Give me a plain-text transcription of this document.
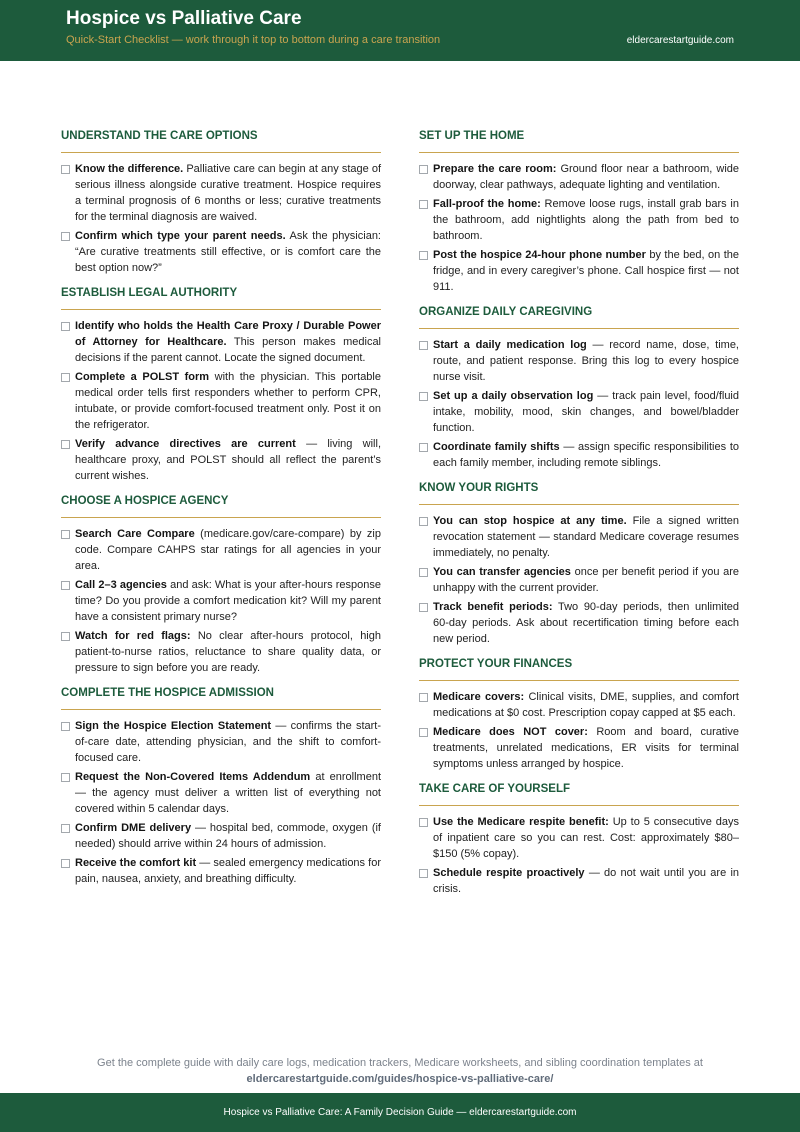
Hospice vs Palliative Care
Quick-Start Checklist — work through it top to bottom during a care transition	eldercarestartguide.com
UNDERSTAND THE CARE OPTIONS

Know the difference. Palliative care can begin at any stage of serious illness alongside curative treatment. Hospice requires a terminal prognosis of 6 months or less; curative treatments for the terminal diagnosis are waived.

Confirm which type your parent needs. Ask the physician: “Are curative treatments still effective, or is comfort care the best option now?”

ESTABLISH LEGAL AUTHORITY

Identify who holds the Health Care Proxy / Durable Power of Attorney for Healthcare. This person makes medical decisions if the parent cannot. Locate the signed document.

Complete a POLST form with the physician. This portable medical order tells first responders whether to perform CPR, intubate, or provide comfort-focused treatment only. Post it on the refrigerator.

Verify advance directives are current — living will, healthcare proxy, and POLST should all reflect the parent’s current wishes.

CHOOSE A HOSPICE AGENCY

Search Care Compare (medicare.gov/care-compare) by zip code. Compare CAHPS star ratings for all agencies in your area.

Call 2–3 agencies and ask: What is your after-hours response time? Do you provide a comfort medication kit? Will my parent have a consistent primary nurse?

Watch for red flags: No clear after-hours protocol, high patient-to-nurse ratios, reluctance to share quality data, or pressure to sign before you are ready.

COMPLETE THE HOSPICE ADMISSION

Sign the Hospice Election Statement — confirms the start-of-care date, attending physician, and the shift to comfort-focused care.

Request the Non-Covered Items Addendum at enrollment — the agency must deliver a written list of everything not covered within 5 calendar days.

Confirm DME delivery — hospital bed, commode, oxygen (if needed) should arrive within 24 hours of admission.

Receive the comfort kit — sealed emergency medications for pain, nausea, anxiety, and breathing difficulty.

SET UP THE HOME

Prepare the care room: Ground floor near a bathroom, wide doorway, clear pathways, adequate lighting and ventilation.

Fall-proof the home: Remove loose rugs, install grab bars in the bathroom, add nightlights along the path from bed to bathroom.

Post the hospice 24-hour phone number by the bed, on the fridge, and in every caregiver’s phone. Call hospice first — not 911.

ORGANIZE DAILY CAREGIVING

Start a daily medication log — record name, dose, time, route, and patient response. Bring this log to every hospice nurse visit.

Set up a daily observation log — track pain level, food/fluid intake, mobility, mood, skin changes, and bowel/bladder function.

Coordinate family shifts — assign specific responsibilities to each family member, including remote siblings.

KNOW YOUR RIGHTS

You can stop hospice at any time. File a signed written revocation statement — standard Medicare coverage resumes immediately, no penalty.

You can transfer agencies once per benefit period if you are unhappy with the current provider.

Track benefit periods: Two 90-day periods, then unlimited 60-day periods. Ask about recertification timing before each new period.

PROTECT YOUR FINANCES

Medicare covers: Clinical visits, DME, supplies, and comfort medications at $0 cost. Prescription copay capped at $5 each.

Medicare does NOT cover: Room and board, curative treatments, unrelated medications, ER visits for terminal symptoms unless arranged by hospice.

TAKE CARE OF YOURSELF

Use the Medicare respite benefit: Up to 5 consecutive days of inpatient care so you can rest. Cost: approximately $80–$150 (5% copay).

Schedule respite proactively — do not wait until you are in crisis.

Get the complete guide with daily care logs, medication trackers, Medicare worksheets, and sibling coordination templates at
eldercarestartguide.com/guides/hospice-vs-palliative-care/
Hospice vs Palliative Care: A Family Decision Guide — eldercarestartguide.com
